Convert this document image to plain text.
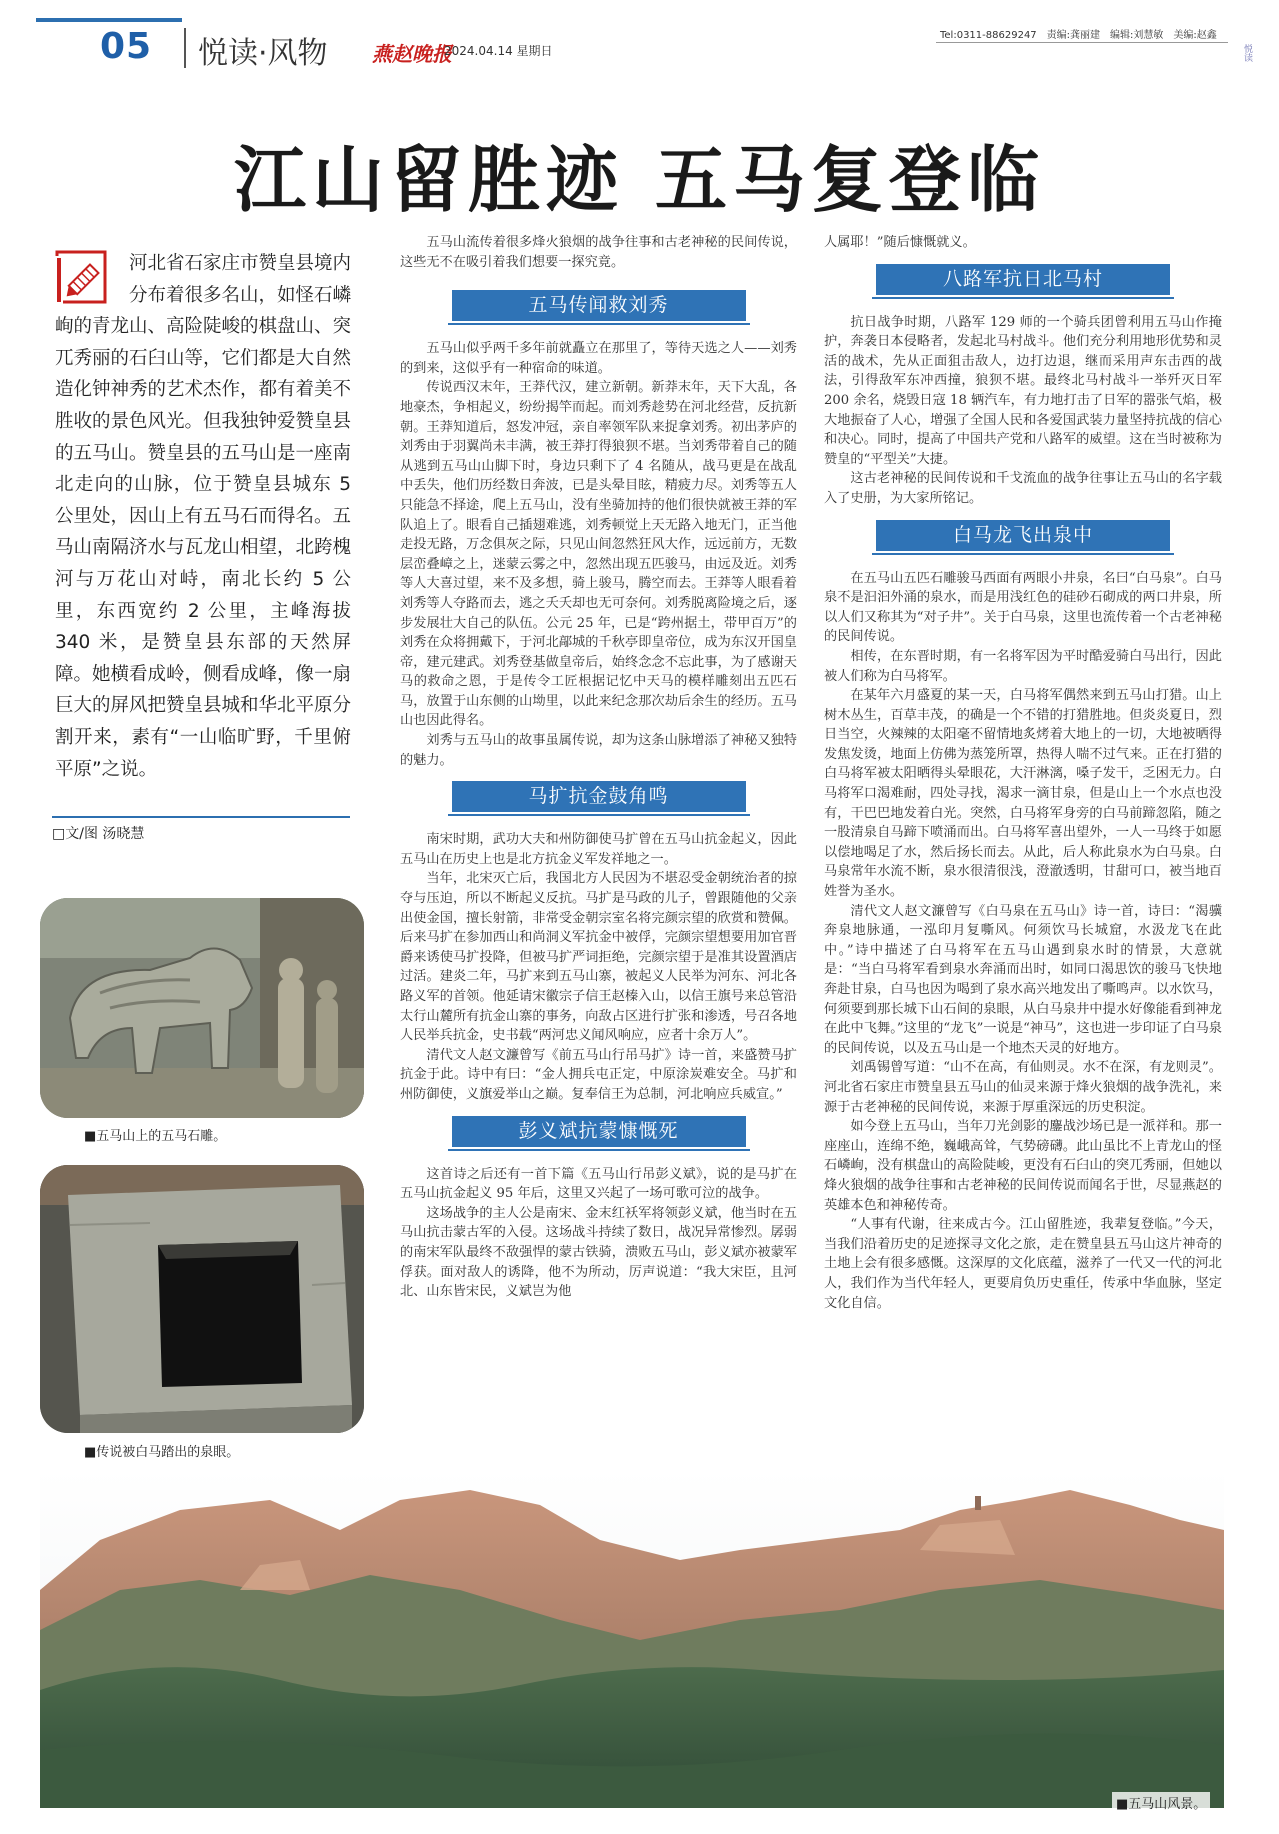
05 悦读·风物 燕赵晚报
2024.04.14 星期日
Tel:0311-88629247　责编:龚丽建　编辑:刘慧敏　美编:赵鑫
悦读
江山留胜迹 五马复登临
河北省石家庄市赞皇县境内分布着很多名山，如怪石嶙峋的青龙山、高险陡峻的棋盘山、突兀秀丽的石臼山等，它们都是大自然造化钟神秀的艺术杰作，都有着美不胜收的景色风光。但我独钟爱赞皇县的五马山。赞皇县的五马山是一座南北走向的山脉，位于赞皇县城东 5 公里处，因山上有五马石而得名。五马山南隔济水与瓦龙山相望，北跨槐河与万花山对峙，南北长约 5 公里，东西宽约 2 公里，主峰海拔 340 米，是赞皇县东部的天然屏障。她横看成岭，侧看成峰，像一扇巨大的屏风把赞皇县城和华北平原分割开来，素有“一山临旷野，千里俯平原”之说。
□文/图 汤晓慧
■五马山上的五马石雕。
■传说被白马踏出的泉眼。

五马山流传着很多烽火狼烟的战争往事和古老神秘的民间传说，这些无不在吸引着我们想要一探究竟。

五马传闻救刘秀

五马山似乎两千多年前就矗立在那里了，等待天选之人——刘秀的到来，这似乎有一种宿命的味道。

传说西汉末年，王莽代汉，建立新朝。新莽末年，天下大乱，各地豪杰，争相起义，纷纷揭竿而起。而刘秀趁势在河北经营，反抗新朝。王莽知道后，怒发冲冠，亲自率领军队来捉拿刘秀。初出茅庐的刘秀由于羽翼尚未丰满，被王莽打得狼狈不堪。当刘秀带着自己的随从逃到五马山山脚下时，身边只剩下了 4 名随从，战马更是在战乱中丢失，他们历经数日奔波，已是头晕目眩，精疲力尽。刘秀等五人只能急不择途，爬上五马山，没有坐骑加持的他们很快就被王莽的军队追上了。眼看自己插翅难逃，刘秀顿觉上天无路入地无门，正当他走投无路，万念俱灰之际，只见山间忽然狂风大作，远远前方，无数层峦叠嶂之上，迷蒙云雾之中，忽然出现五匹骏马，由远及近。刘秀等人大喜过望，来不及多想，骑上骏马，腾空而去。王莽等人眼看着刘秀等人夺路而去，逃之夭夭却也无可奈何。刘秀脱离险境之后，逐步发展壮大自己的队伍。公元 25 年，已是“跨州据土，带甲百万”的刘秀在众将拥戴下，于河北鄗城的千秋亭即皇帝位，成为东汉开国皇帝，建元建武。刘秀登基做皇帝后，始终念念不忘此事，为了感谢天马的救命之恩，于是传令工匠根据记忆中天马的模样雕刻出五匹石马，放置于山东侧的山坳里，以此来纪念那次劫后余生的经历。五马山也因此得名。

刘秀与五马山的故事虽属传说，却为这条山脉增添了神秘又独特的魅力。

马扩抗金鼓角鸣

南宋时期，武功大夫和州防御使马扩曾在五马山抗金起义，因此五马山在历史上也是北方抗金义军发祥地之一。

当年，北宋灭亡后，我国北方人民因为不堪忍受金朝统治者的掠夺与压迫，所以不断起义反抗。马扩是马政的儿子，曾跟随他的父亲出使金国，擅长射箭，非常受金朝宗室名将完颜宗望的欣赏和赞佩。后来马扩在参加西山和尚洞义军抗金中被俘，完颜宗望想要用加官晋爵来诱使马扩投降，但被马扩严词拒绝，完颜宗望于是准其设置酒店过活。建炎二年，马扩来到五马山寨，被起义人民举为河东、河北各路义军的首领。他延请宋徽宗子信王赵榛入山，以信王旗号来总管沿太行山麓所有抗金山寨的事务，向敌占区进行扩张和渗透，号召各地人民举兵抗金，史书载“两河忠义闻风响应，应者十余万人”。

清代文人赵文濂曾写《前五马山行吊马扩》诗一首，来盛赞马扩抗金于此。诗中有曰：“金人拥兵屯正定，中原涂炭难安全。马扩和州防御使，义旗爱举山之巅。复奉信王为总制，河北响应兵威宣。”

彭义斌抗蒙慷慨死

这首诗之后还有一首下篇《五马山行吊彭义斌》，说的是马扩在五马山抗金起义 95 年后，这里又兴起了一场可歌可泣的战争。

这场战争的主人公是南宋、金末红袄军将领彭义斌，他当时在五马山抗击蒙古军的入侵。这场战斗持续了数日，战况异常惨烈。孱弱的南宋军队最终不敌强悍的蒙古铁骑，溃败五马山，彭义斌亦被蒙军俘获。面对敌人的诱降，他不为所动，厉声说道：“我大宋臣，且河北、山东皆宋民，义斌岂为他

人属耶！”随后慷慨就义。

八路军抗日北马村

抗日战争时期，八路军 129 师的一个骑兵团曾利用五马山作掩护，奔袭日本侵略者，发起北马村战斗。他们充分利用地形优势和灵活的战术，先从正面狙击敌人，边打边退，继而采用声东击西的战法，引得敌军东冲西撞，狼狈不堪。最终北马村战斗一举歼灭日军 200 余名，烧毁日寇 18 辆汽车，有力地打击了日军的嚣张气焰，极大地振奋了人心，增强了全国人民和各爱国武装力量坚持抗战的信心和决心。同时，提高了中国共产党和八路军的威望。这在当时被称为赞皇的“平型关”大捷。

这古老神秘的民间传说和千戈流血的战争往事让五马山的名字载入了史册，为大家所铭记。

白马龙飞出泉中

在五马山五匹石雕骏马西面有两眼小井泉，名曰“白马泉”。白马泉不是汩汩外涌的泉水，而是用浅红色的硅砂石砌成的两口井泉，所以人们又称其为“对子井”。关于白马泉，这里也流传着一个古老神秘的民间传说。

相传，在东晋时期，有一名将军因为平时酷爱骑白马出行，因此被人们称为白马将军。

在某年六月盛夏的某一天，白马将军偶然来到五马山打猎。山上树木丛生，百草丰茂，的确是一个不错的打猎胜地。但炎炎夏日，烈日当空，火辣辣的太阳毫不留情地炙烤着大地上的一切，大地被晒得发焦发烫，地面上仿佛为蒸笼所罩，热得人喘不过气来。正在打猎的白马将军被太阳晒得头晕眼花，大汗淋漓，嗓子发干，乏困无力。白马将军口渴难耐，四处寻找，渴求一滴甘泉，但是山上一个水点也没有，干巴巴地发着白光。突然，白马将军身旁的白马前蹄忽陷，随之一股清泉自马蹄下喷涌而出。白马将军喜出望外，一人一马终于如愿以偿地喝足了水，然后扬长而去。从此，后人称此泉水为白马泉。白马泉常年水流不断，泉水很清很浅，澄澈透明，甘甜可口，被当地百姓誉为圣水。

清代文人赵文濂曾写《白马泉在五马山》诗一首，诗曰：“渴骥奔泉地脉通，一泓印月复嘶风。何须饮马长城窟，水汲龙飞在此中。”诗中描述了白马将军在五马山遇到泉水时的情景，大意就是：“当白马将军看到泉水奔涌而出时，如同口渴思饮的骏马飞快地奔赴甘泉，白马也因为喝到了泉水高兴地发出了嘶鸣声。以水饮马，何须要到那长城下山石间的泉眼，从白马泉井中提水好像能看到神龙在此中飞舞。”这里的“龙飞”一说是“神马”，这也进一步印证了白马泉的民间传说，以及五马山是一个地杰天灵的好地方。

刘禹锡曾写道：“山不在高，有仙则灵。水不在深，有龙则灵”。河北省石家庄市赞皇县五马山的仙灵来源于烽火狼烟的战争洗礼，来源于古老神秘的民间传说，来源于厚重深远的历史积淀。

如今登上五马山，当年刀光剑影的鏖战沙场已是一派祥和。那一座座山，连绵不绝，巍峨高耸，气势磅礴。此山虽比不上青龙山的怪石嶙峋，没有棋盘山的高险陡峻，更没有石臼山的突兀秀丽，但她以烽火狼烟的战争往事和古老神秘的民间传说而闻名于世，尽显燕赵的英雄本色和神秘传奇。

“人事有代谢，往来成古今。江山留胜迹，我辈复登临。”今天，当我们沿着历史的足迹探寻文化之旅，走在赞皇县五马山这片神奇的土地上会有很多感慨。这深厚的文化底蕴，滋养了一代又一代的河北人，我们作为当代年轻人，更要肩负历史重任，传承中华血脉，坚定文化自信。

■五马山风景。
